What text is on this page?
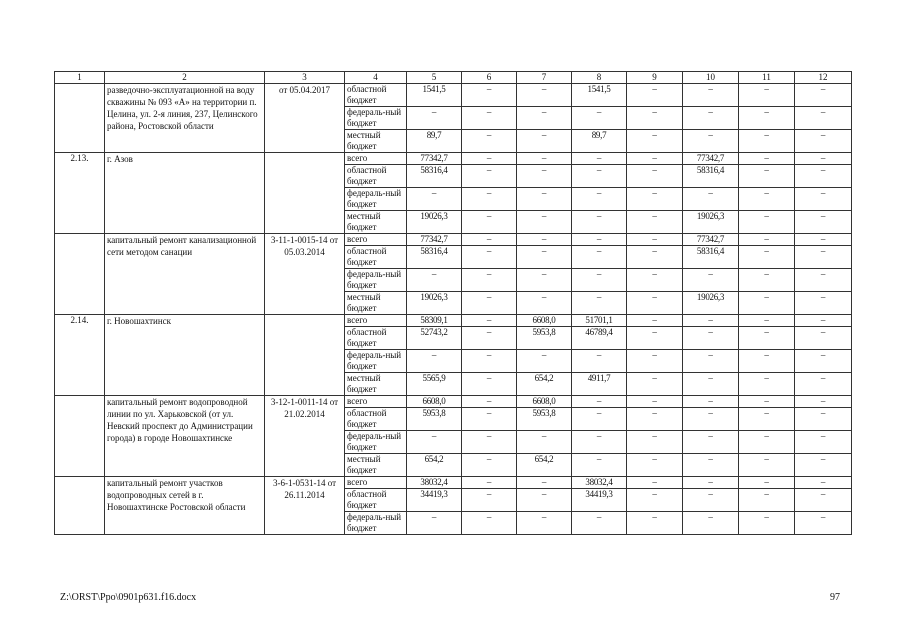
1	2	3	4	5	6	7	8	9	10	11	12
	разведочно-эксплуатационной на воду скважины № 093 «А» на территории п. Целина, ул. 2-я линия, 237, Целинского района, Ростовской области	от 05.04.2017	областной бюджет	1541,5	–	–	1541,5	–	–	–	–
			федераль-ный бюджет	–	–	–	–	–	–	–	–
			местный бюджет	89,7	–	–	89,7	–	–	–	–
2.13.	г. Азов		всего	77342,7	–	–	–	–	77342,7	–	–
			областной бюджет	58316,4	–	–	–	–	58316,4	–	–
			федераль-ный бюджет	–	–	–	–	–	–	–	–
			местный бюджет	19026,3	–	–	–	–	19026,3	–	–
	капитальный ремонт канализационной сети методом санации	3-11-1-0015-14 от 05.03.2014	всего	77342,7	–	–	–	–	77342,7	–	–
			областной бюджет	58316,4	–	–	–	–	58316,4	–	–
			федераль-ный бюджет	–	–	–	–	–	–	–	–
			местный бюджет	19026,3	–	–	–	–	19026,3	–	–
2.14.	г. Новошахтинск		всего	58309,1	–	6608,0	51701,1	–	–	–	–
			областной бюджет	52743,2	–	5953,8	46789,4	–	–	–	–
			федераль-ный бюджет	–	–	–	–	–	–	–	–
			местный бюджет	5565,9	–	654,2	4911,7	–	–	–	–
	капитальный ремонт водопроводной линии по ул. Харьковской (от ул. Невский проспект до Администрации города) в городе Новошахтинске	3-12-1-0011-14 от 21.02.2014	всего	6608,0	–	6608,0	–	–	–	–	–
			областной бюджет	5953,8	–	5953,8	–	–	–	–	–
			федераль-ный бюджет	–	–	–	–	–	–	–	–
			местный бюджет	654,2	–	654,2	–	–	–	–	–
	капитальный ремонт участков водопроводных сетей в г. Новошахтинске Ростовской области	3-6-1-0531-14 от 26.11.2014	всего	38032,4	–	–	38032,4	–	–	–	–
			областной бюджет	34419,3	–	–	34419,3	–	–	–	–
			федераль-ный бюджет	–	–	–	–	–	–	–	–
Z:\ORST\Ppo\0901p631.f16.docx	97
